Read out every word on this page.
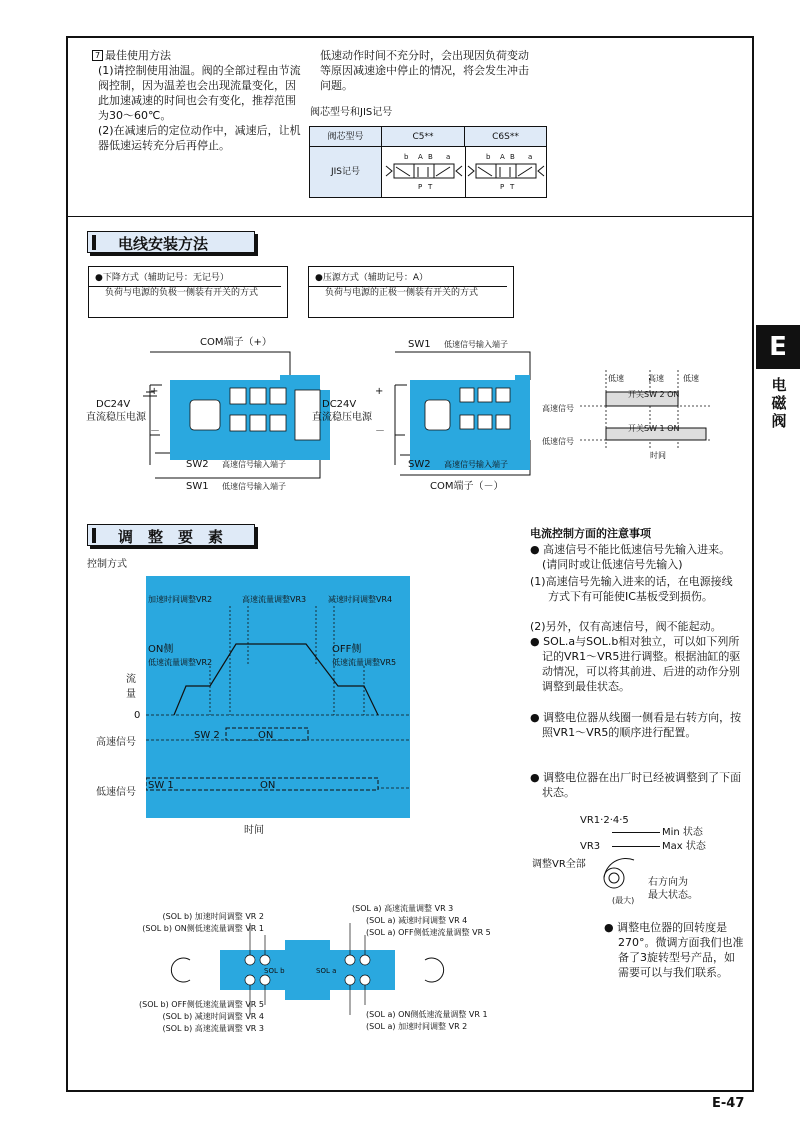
7 最佳使用方法
(1)请控制使用油温。阀的全部过程由节流阀控制，因为温差也会出现流量变化，因此加速减速的时间也会有变化，推荐范围为30～60℃。
(2)在减速后的定位动作中，减速后，让机器低速运转充分后再停止。
低速动作时间不充分时，会出现因负荷变动等原因减速途中停止的情况，将会发生冲击问题。
阀芯型号和JIS记号
阀芯型号	C5**	C6S**
JIS记号
b A B a
P T
b A B a
P T
电线安装方法
●下降方式（辅助记号：无记号）
负荷与电源的负极一侧装有开关的方式
●压源方式（辅助记号：A）
负荷与电源的正极一侧装有开关的方式
COM端子（+）
+
DC24V
直流稳压电源
－
SW2 高速信号输入端子
SW1 低速信号输入端子
SW1 低速信号输入端子
+
DC24V
直流稳压电源
－
SW2 高速信号输入端子
COM端子（－）
低速	高速 低速
开关SW 2 ON
高速信号
开关SW 1 ON
低速信号
时间
调　整　要　素
控制方式
加速时间调整VR2	高速流量调整VR3	减速时间调整VR4
ON侧
低速流量调整VR2
OFF侧
低速流量调整VR5
流
量
0
高速信号
SW 2	ON
低速信号
SW 1	ON
时间
电流控制方面的注意事项
● 高速信号不能比低速信号先输入进来。(请同时或让低速信号先输入)
(1)高速信号先输入进来的话，在电源接线方式下有可能使IC基板受到损伤。
(2)另外，仅有高速信号，阀不能起动。
● SOL.a与SOL.b相对独立，可以如下列所记的VR1～VR5进行调整。根据油缸的驱动情况，可以将其前进、后进的动作分别调整到最佳状态。
● 调整电位器从线圈一侧看是右转方向，按照VR1～VR5的顺序进行配置。
● 调整电位器在出厂时已经被调整到了下面状态。
VR1·2·4·5
Min 状态
VR3	Max 状态
调整VR全部
(最大)
右方向为
最大状态。
● 调整电位器的回转度是270°。微调方面我们也准备了3旋转型号产品，如需要可以与我们联系。
(SOL b) 加速时间调整 VR 2
(SOL b) ON侧低速流量调整 VR 1
(SOL b) OFF侧低速流量调整 VR 5
(SOL b) 减速时间调整 VR 4
(SOL b) 高速流量调整 VR 3
(SOL a) 高速流量调整 VR 3
(SOL a) 减速时间调整 VR 4
(SOL a) OFF侧低速流量调整 VR 5
(SOL a) ON侧低速流量调整 VR 1
(SOL a) 加速时间调整 VR 2
SOL b	SOL a
E
电磁阀
E-47
